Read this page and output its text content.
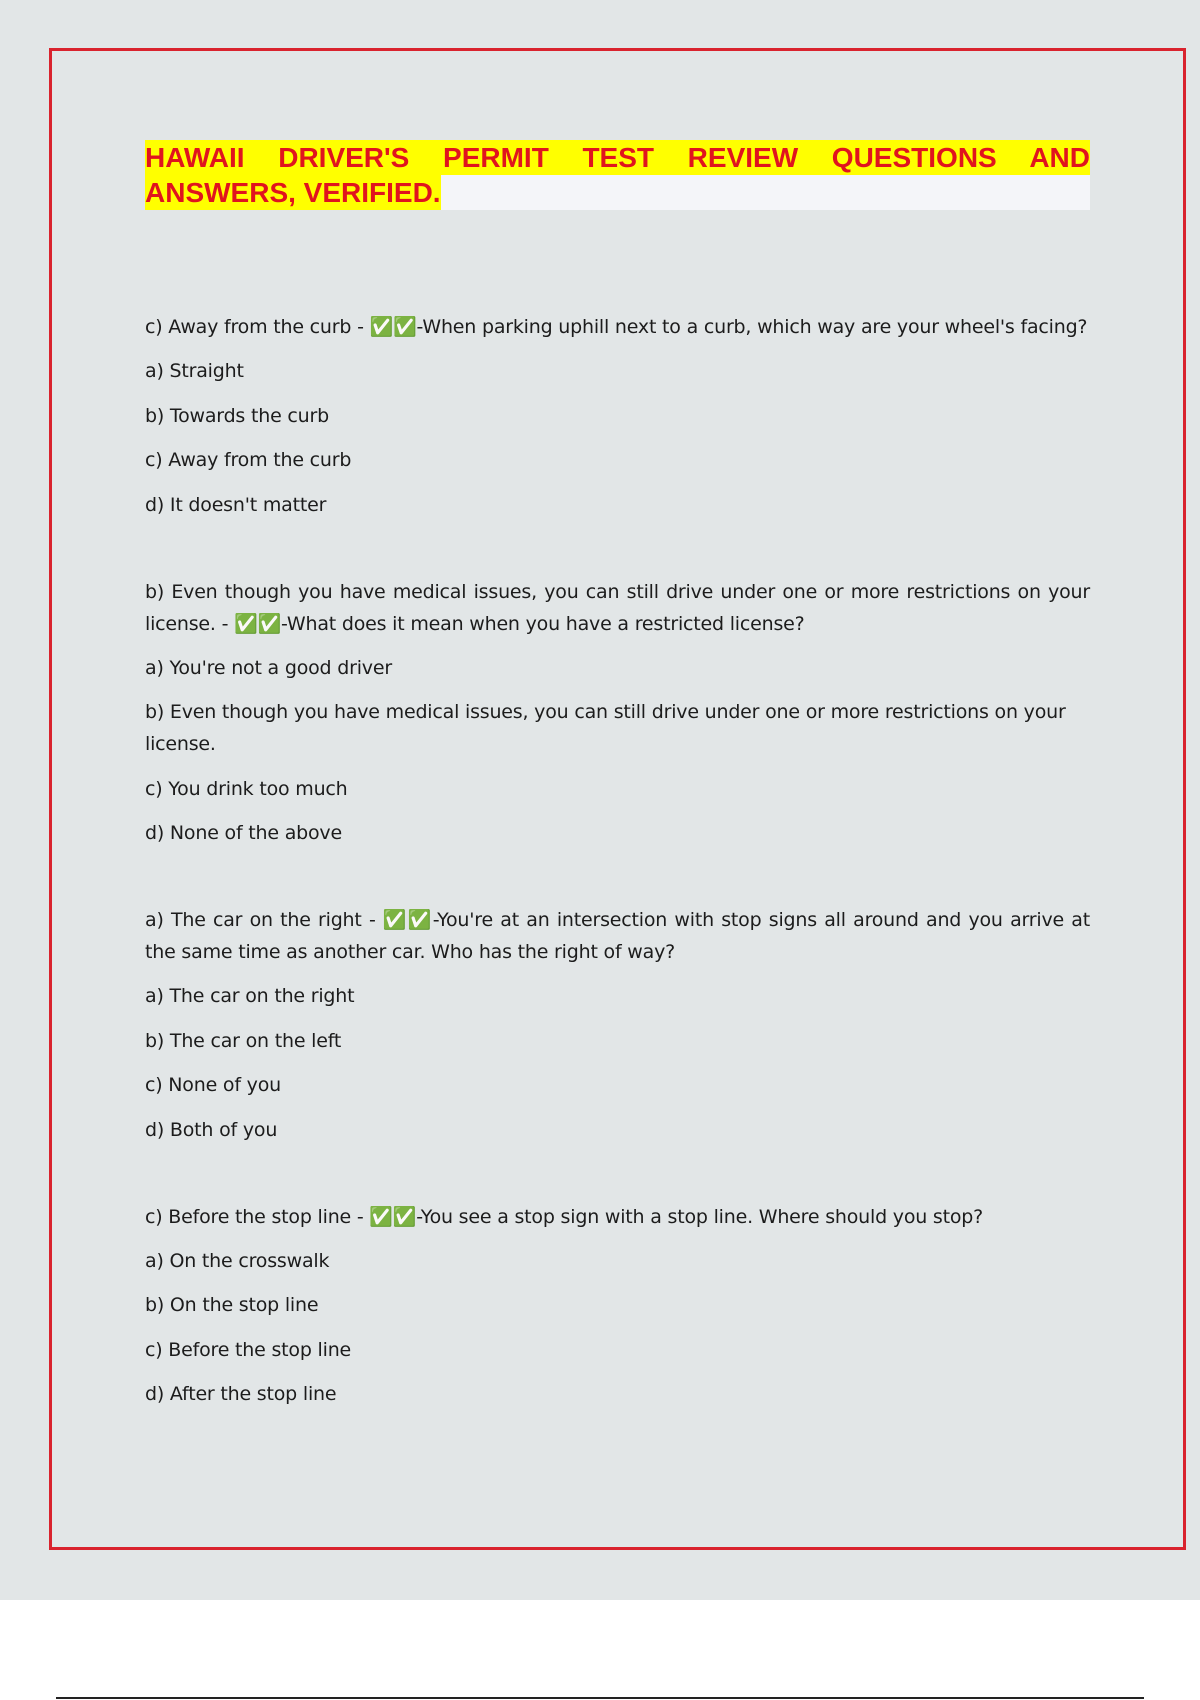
HAWAII DRIVER'S PERMIT TEST REVIEW QUESTIONS AND
ANSWERS, VERIFIED.

c) Away from the curb - ✅✅-When parking uphill next to a curb, which way are your wheel's facing?

a) Straight

b) Towards the curb

c) Away from the curb

d) It doesn't matter

b) Even though you have medical issues, you can still drive under one or more restrictions on your license. - ✅✅-What does it mean when you have a restricted license?

a) You're not a good driver

b) Even though you have medical issues, you can still drive under one or more restrictions on your license.

c) You drink too much

d) None of the above

a) The car on the right - ✅✅-You're at an intersection with stop signs all around and you arrive at the same time as another car. Who has the right of way?

a) The car on the right

b) The car on the left

c) None of you

d) Both of you

c) Before the stop line - ✅✅-You see a stop sign with a stop line. Where should you stop?

a) On the crosswalk

b) On the stop line

c) Before the stop line

d) After the stop line
